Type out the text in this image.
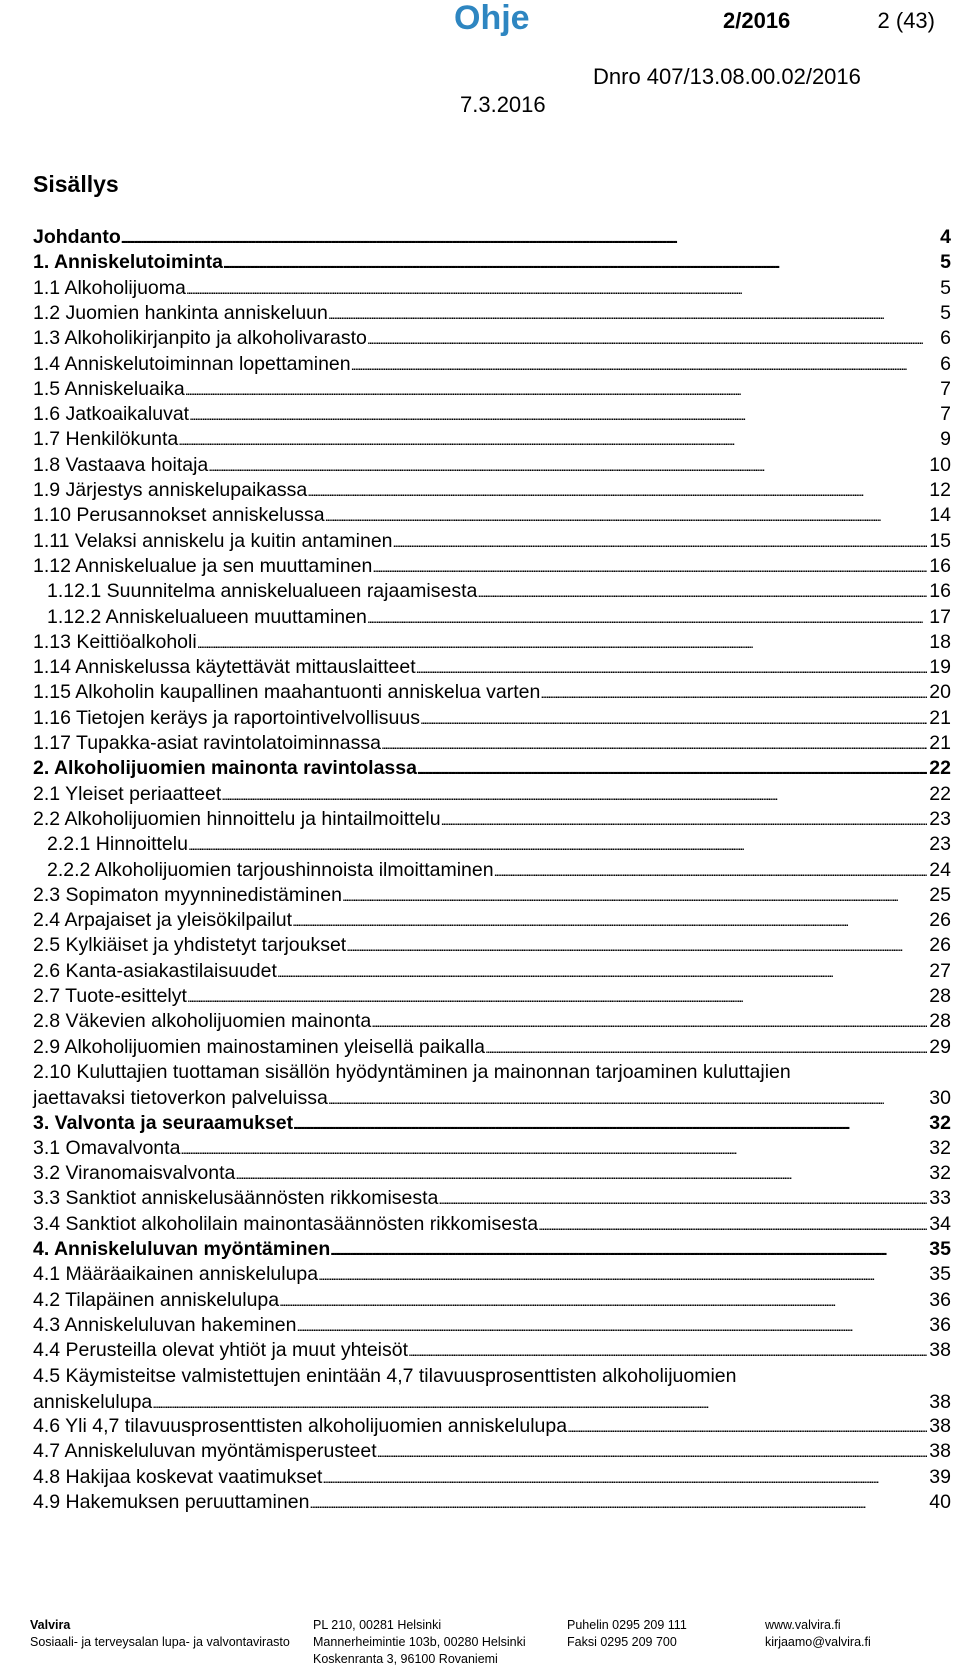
Ohje	2/2016	2 (43)
Dnro 407/13.08.00.02/2016
7.3.2016
Sisällys
Johdanto . . .	4
1. Anniskelutoiminta . . .	5
1.1 Alkoholijuoma . . .	5
1.2 Juomien hankinta anniskeluun . . .	5
1.3 Alkoholikirjanpito ja alkoholivarasto . . .	6
1.4 Anniskelutoiminnan lopettaminen . . .	6
1.5 Anniskeluaika . . .	7
1.6 Jatkoaikaluvat . . .	7
1.7 Henkilökunta . . .	9
1.8 Vastaava hoitaja . . .	10
1.9 Järjestys anniskelupaikassa . . .	12
1.10 Perusannokset anniskelussa . . .	14
1.11 Velaksi anniskelu ja kuitin antaminen . . .	15
1.12 Anniskelualue ja sen muuttaminen . . .	16
1.12.1 Suunnitelma anniskelualueen rajaamisesta . . .	16
1.12.2 Anniskelualueen muuttaminen . . .	17
1.13 Keittiöalkoholi . . .	18
1.14 Anniskelussa käytettävät mittauslaitteet . . .	19
1.15 Alkoholin kaupallinen maahantuonti anniskelua varten . . .	20
1.16 Tietojen keräys ja raportointivelvollisuus . . .	21
1.17 Tupakka-asiat ravintolatoiminnassa . . .	21
2. Alkoholijuomien mainonta ravintolassa . . .	22
2.1 Yleiset periaatteet . . .	22
2.2 Alkoholijuomien hinnoittelu ja hintailmoittelu . . .	23
2.2.1 Hinnoittelu . . .	23
2.2.2 Alkoholijuomien tarjoushinnoista ilmoittaminen . . .	24
2.3 Sopimaton myynninedistäminen . . .	25
2.4 Arpajaiset ja yleisökilpailut . . .	26
2.5 Kylkiäiset ja yhdistetyt tarjoukset . . .	26
2.6 Kanta-asiakastilaisuudet . . .	27
2.7 Tuote-esittelyt . . .	28
2.8 Väkevien alkoholijuomien mainonta . . .	28
2.9 Alkoholijuomien mainostaminen yleisellä paikalla . . .	29
2.10 Kuluttajien tuottaman sisällön hyödyntäminen ja mainonnan tarjoaminen kuluttajien
jaettavaksi tietoverkon palveluissa . . .	30
3. Valvonta ja seuraamukset . . .	32
3.1 Omavalvonta . . .	32
3.2 Viranomaisvalvonta . . .	32
3.3 Sanktiot anniskelusäännösten rikkomisesta . . .	33
3.4 Sanktiot alkoholilain mainontasäännösten rikkomisesta . . .	34
4. Anniskeluluvan myöntäminen . . .	35
4.1 Määräaikainen anniskelulupa . . .	35
4.2 Tilapäinen anniskelulupa . . .	36
4.3 Anniskeluluvan hakeminen . . .	36
4.4 Perusteilla olevat yhtiöt ja muut yhteisöt . . .	38
4.5 Käymisteitse valmistettujen enintään 4,7 tilavuusprosenttisten alkoholijuomien
anniskelulupa . . .	38
4.6 Yli 4,7 tilavuusprosenttisten alkoholijuomien anniskelulupa . . .	38
4.7 Anniskeluluvan myöntämisperusteet . . .	38
4.8 Hakijaa koskevat vaatimukset . . .	39
4.9 Hakemuksen peruuttaminen . . .	40
Valvira
Sosiaali- ja terveysalan lupa- ja valvontavirasto
PL 210, 00281 Helsinki
Mannerheimintie 103b, 00280 Helsinki
Koskenranta 3, 96100 Rovaniemi
Puhelin 0295 209 111
Faksi 0295 209 700
www.valvira.fi
kirjaamo@valvira.fi
